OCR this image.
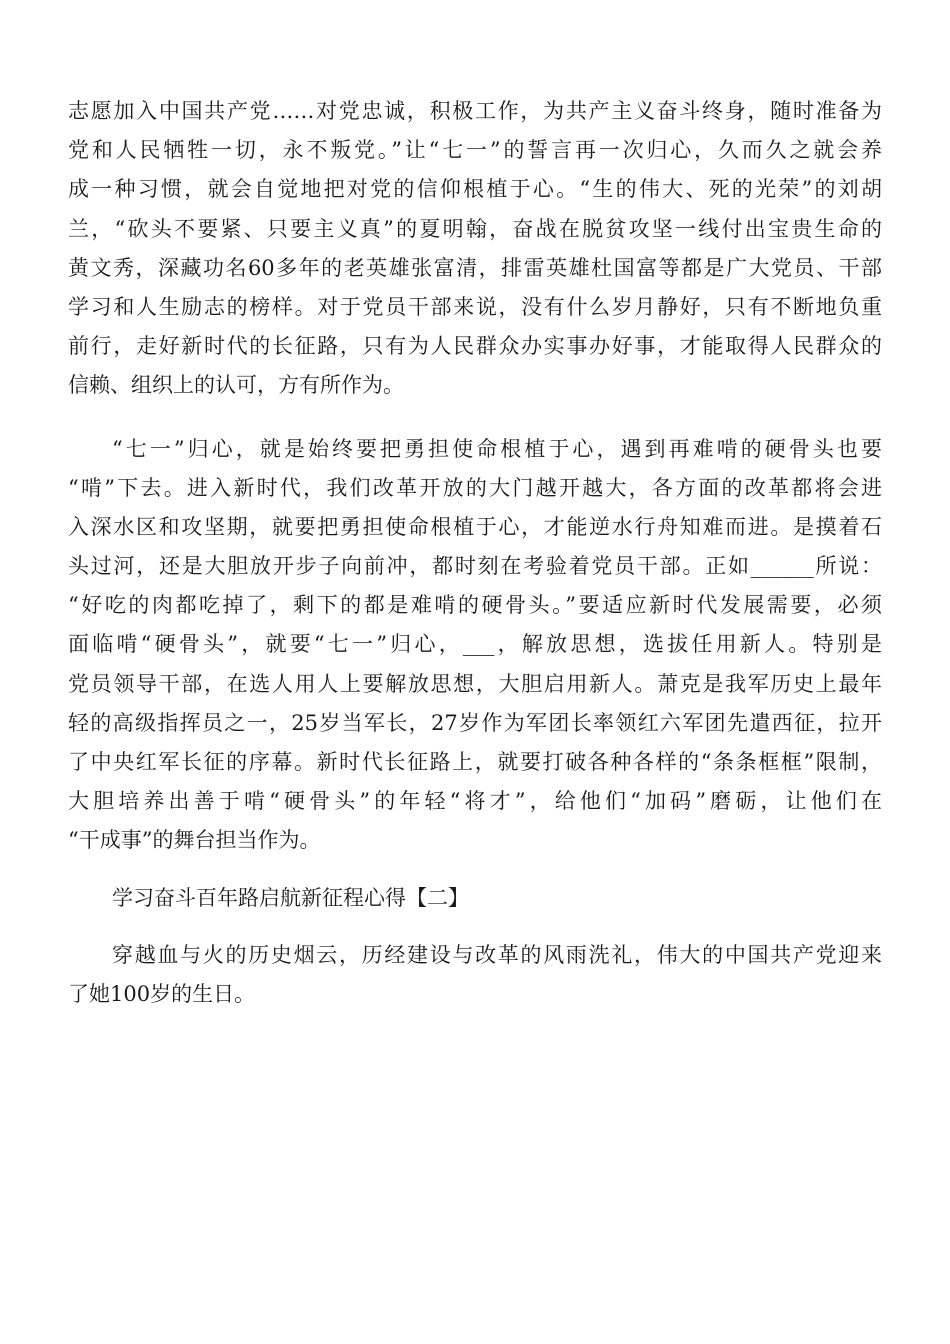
志愿加入中国共产党……对党忠诚，积极工作，为共产主义奋斗终身，随时准备为
党和人民牺牲一切，永不叛党。”让“七一”的誓言再一次归心，久而久之就会养
成一种习惯，就会自觉地把对党的信仰根植于心。“生的伟大、死的光荣”的刘胡
兰，“砍头不要紧、只要主义真”的夏明翰，奋战在脱贫攻坚一线付出宝贵生命的
黄文秀，深藏功名60多年的老英雄张富清，排雷英雄杜国富等都是广大党员、干部
学习和人生励志的榜样。对于党员干部来说，没有什么岁月静好，只有不断地负重
前行，走好新时代的长征路，只有为人民群众办实事办好事，才能取得人民群众的
信赖、组织上的认可，方有所作为。
“七一”归心，就是始终要把勇担使命根植于心，遇到再难啃的硬骨头也要
“啃”下去。进入新时代，我们改革开放的大门越开越大，各方面的改革都将会进
入深水区和攻坚期，就要把勇担使命根植于心，才能逆水行舟知难而进。是摸着石
头过河，还是大胆放开步子向前冲，都时刻在考验着党员干部。正如______所说：
“好吃的肉都吃掉了，剩下的都是难啃的硬骨头。”要适应新时代发展需要，必须
面临啃“硬骨头”，就要“七一”归心，___，解放思想，选拔任用新人。特别是
党员领导干部，在选人用人上要解放思想，大胆启用新人。萧克是我军历史上最年
轻的高级指挥员之一，25岁当军长，27岁作为军团长率领红六军团先遣西征，拉开
了中央红军长征的序幕。新时代长征路上，就要打破各种各样的“条条框框”限制，
大胆培养出善于啃“硬骨头”的年轻“将才”，给他们“加码”磨砺，让他们在
“干成事”的舞台担当作为。
学习奋斗百年路启航新征程心得【二】
穿越血与火的历史烟云，历经建设与改革的风雨洗礼，伟大的中国共产党迎来
了她100岁的生日。
